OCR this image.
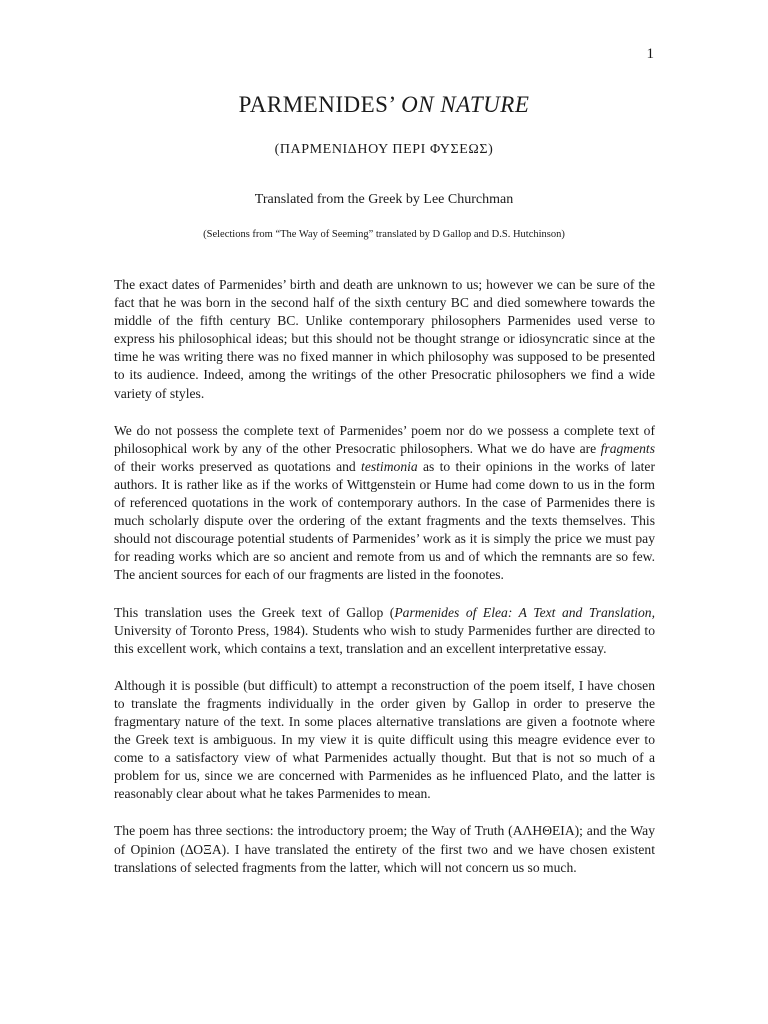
1
PARMENIDES’ ON NATURE
(ΠΑΡΜΕΝΙΔΗΟΥ ΠΕΡΙ ΦΥΣΕΩΣ)
Translated from the Greek by Lee Churchman
(Selections from “The Way of Seeming” translated by D Gallop and D.S. Hutchinson)

The exact dates of Parmenides’ birth and death are unknown to us; however we can be sure of the fact that he was born in the second half of the sixth century BC and died somewhere towards the middle of the fifth century BC. Unlike contemporary philosophers Parmenides used verse to express his philosophical ideas; but this should not be thought strange or idiosyncratic since at the time he was writing there was no fixed manner in which philosophy was supposed to be presented to its audience. Indeed, among the writings of the other Presocratic philosophers we find a wide variety of styles.

We do not possess the complete text of Parmenides’ poem nor do we possess a complete text of philosophical work by any of the other Presocratic philosophers. What we do have are fragments of their works preserved as quotations and testimonia as to their opinions in the works of later authors. It is rather like as if the works of Wittgenstein or Hume had come down to us in the form of referenced quotations in the work of contemporary authors. In the case of Parmenides there is much scholarly dispute over the ordering of the extant fragments and the texts themselves. This should not discourage potential students of Parmenides’ work as it is simply the price we must pay for reading works which are so ancient and remote from us and of which the remnants are so few. The ancient sources for each of our fragments are listed in the foonotes.

This translation uses the Greek text of Gallop (Parmenides of Elea: A Text and Translation, University of Toronto Press, 1984). Students who wish to study Parmenides further are directed to this excellent work, which contains a text, translation and an excellent interpretative essay.

Although it is possible (but difficult) to attempt a reconstruction of the poem itself, I have chosen to translate the fragments individually in the order given by Gallop in order to preserve the fragmentary nature of the text. In some places alternative translations are given a footnote where the Greek text is ambiguous. In my view it is quite difficult using this meagre evidence ever to come to a satisfactory view of what Parmenides actually thought. But that is not so much of a problem for us, since we are concerned with Parmenides as he influenced Plato, and the latter is reasonably clear about what he takes Parmenides to mean.

The poem has three sections: the introductory proem; the Way of Truth (ΑΛΗΘΕΙΑ); and the Way of Opinion (ΔΟΞΑ). I have translated the entirety of the first two and we have chosen existent translations of selected fragments from the latter, which will not concern us so much.
